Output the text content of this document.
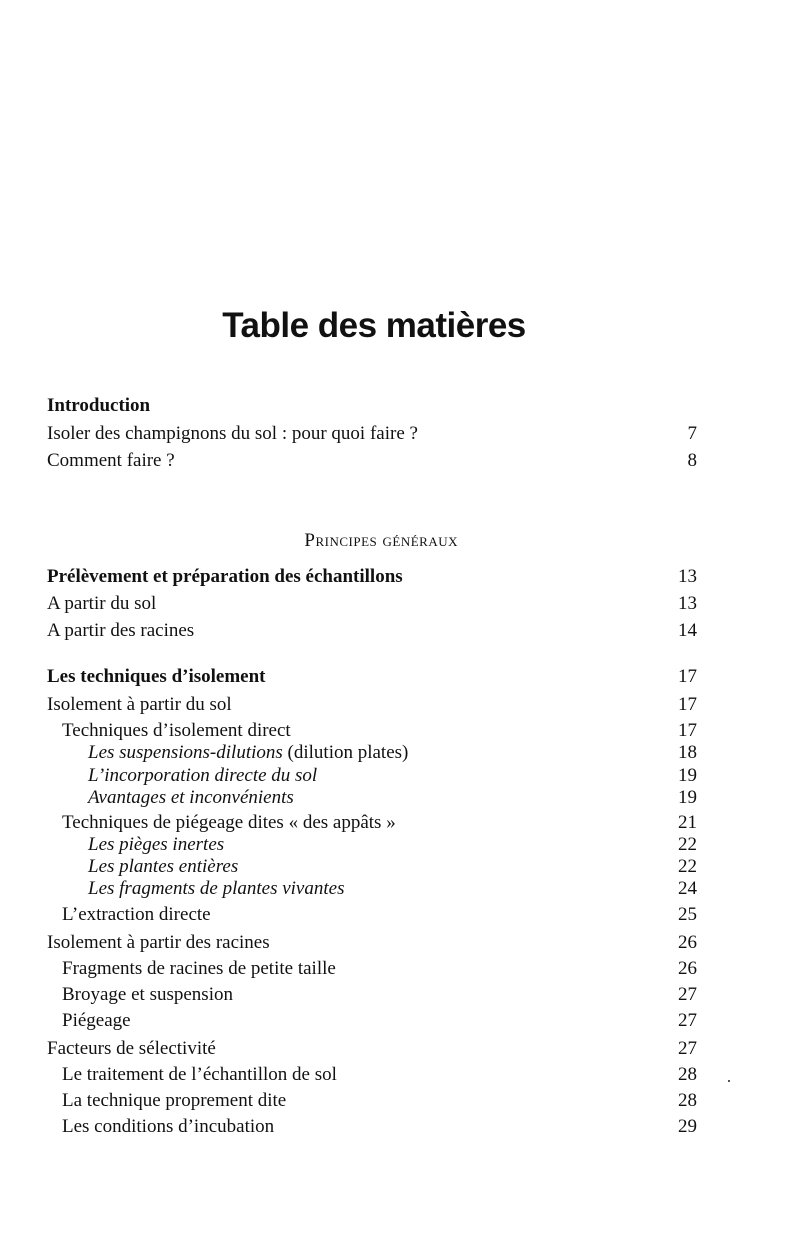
Table des matières
Introduction
Isoler des champignons du sol : pour quoi faire ?	7
Comment faire ?	8
Principes généraux
Prélèvement et préparation des échantillons	13
A partir du sol	13
A partir des racines	14
Les techniques d’isolement	17
Isolement à partir du sol	17
Techniques d’isolement direct	17
Les suspensions-dilutions (dilution plates)	18
L’incorporation directe du sol	19
Avantages et inconvénients	19
Techniques de piégeage dites « des appâts »	21
Les pièges inertes	22
Les plantes entières	22
Les fragments de plantes vivantes	24
L’extraction directe	25
Isolement à partir des racines	26
Fragments de racines de petite taille	26
Broyage et suspension	27
Piégeage	27
Facteurs de sélectivité	27
Le traitement de l’échantillon de sol	28
La technique proprement dite	28
Les conditions d’incubation	29
